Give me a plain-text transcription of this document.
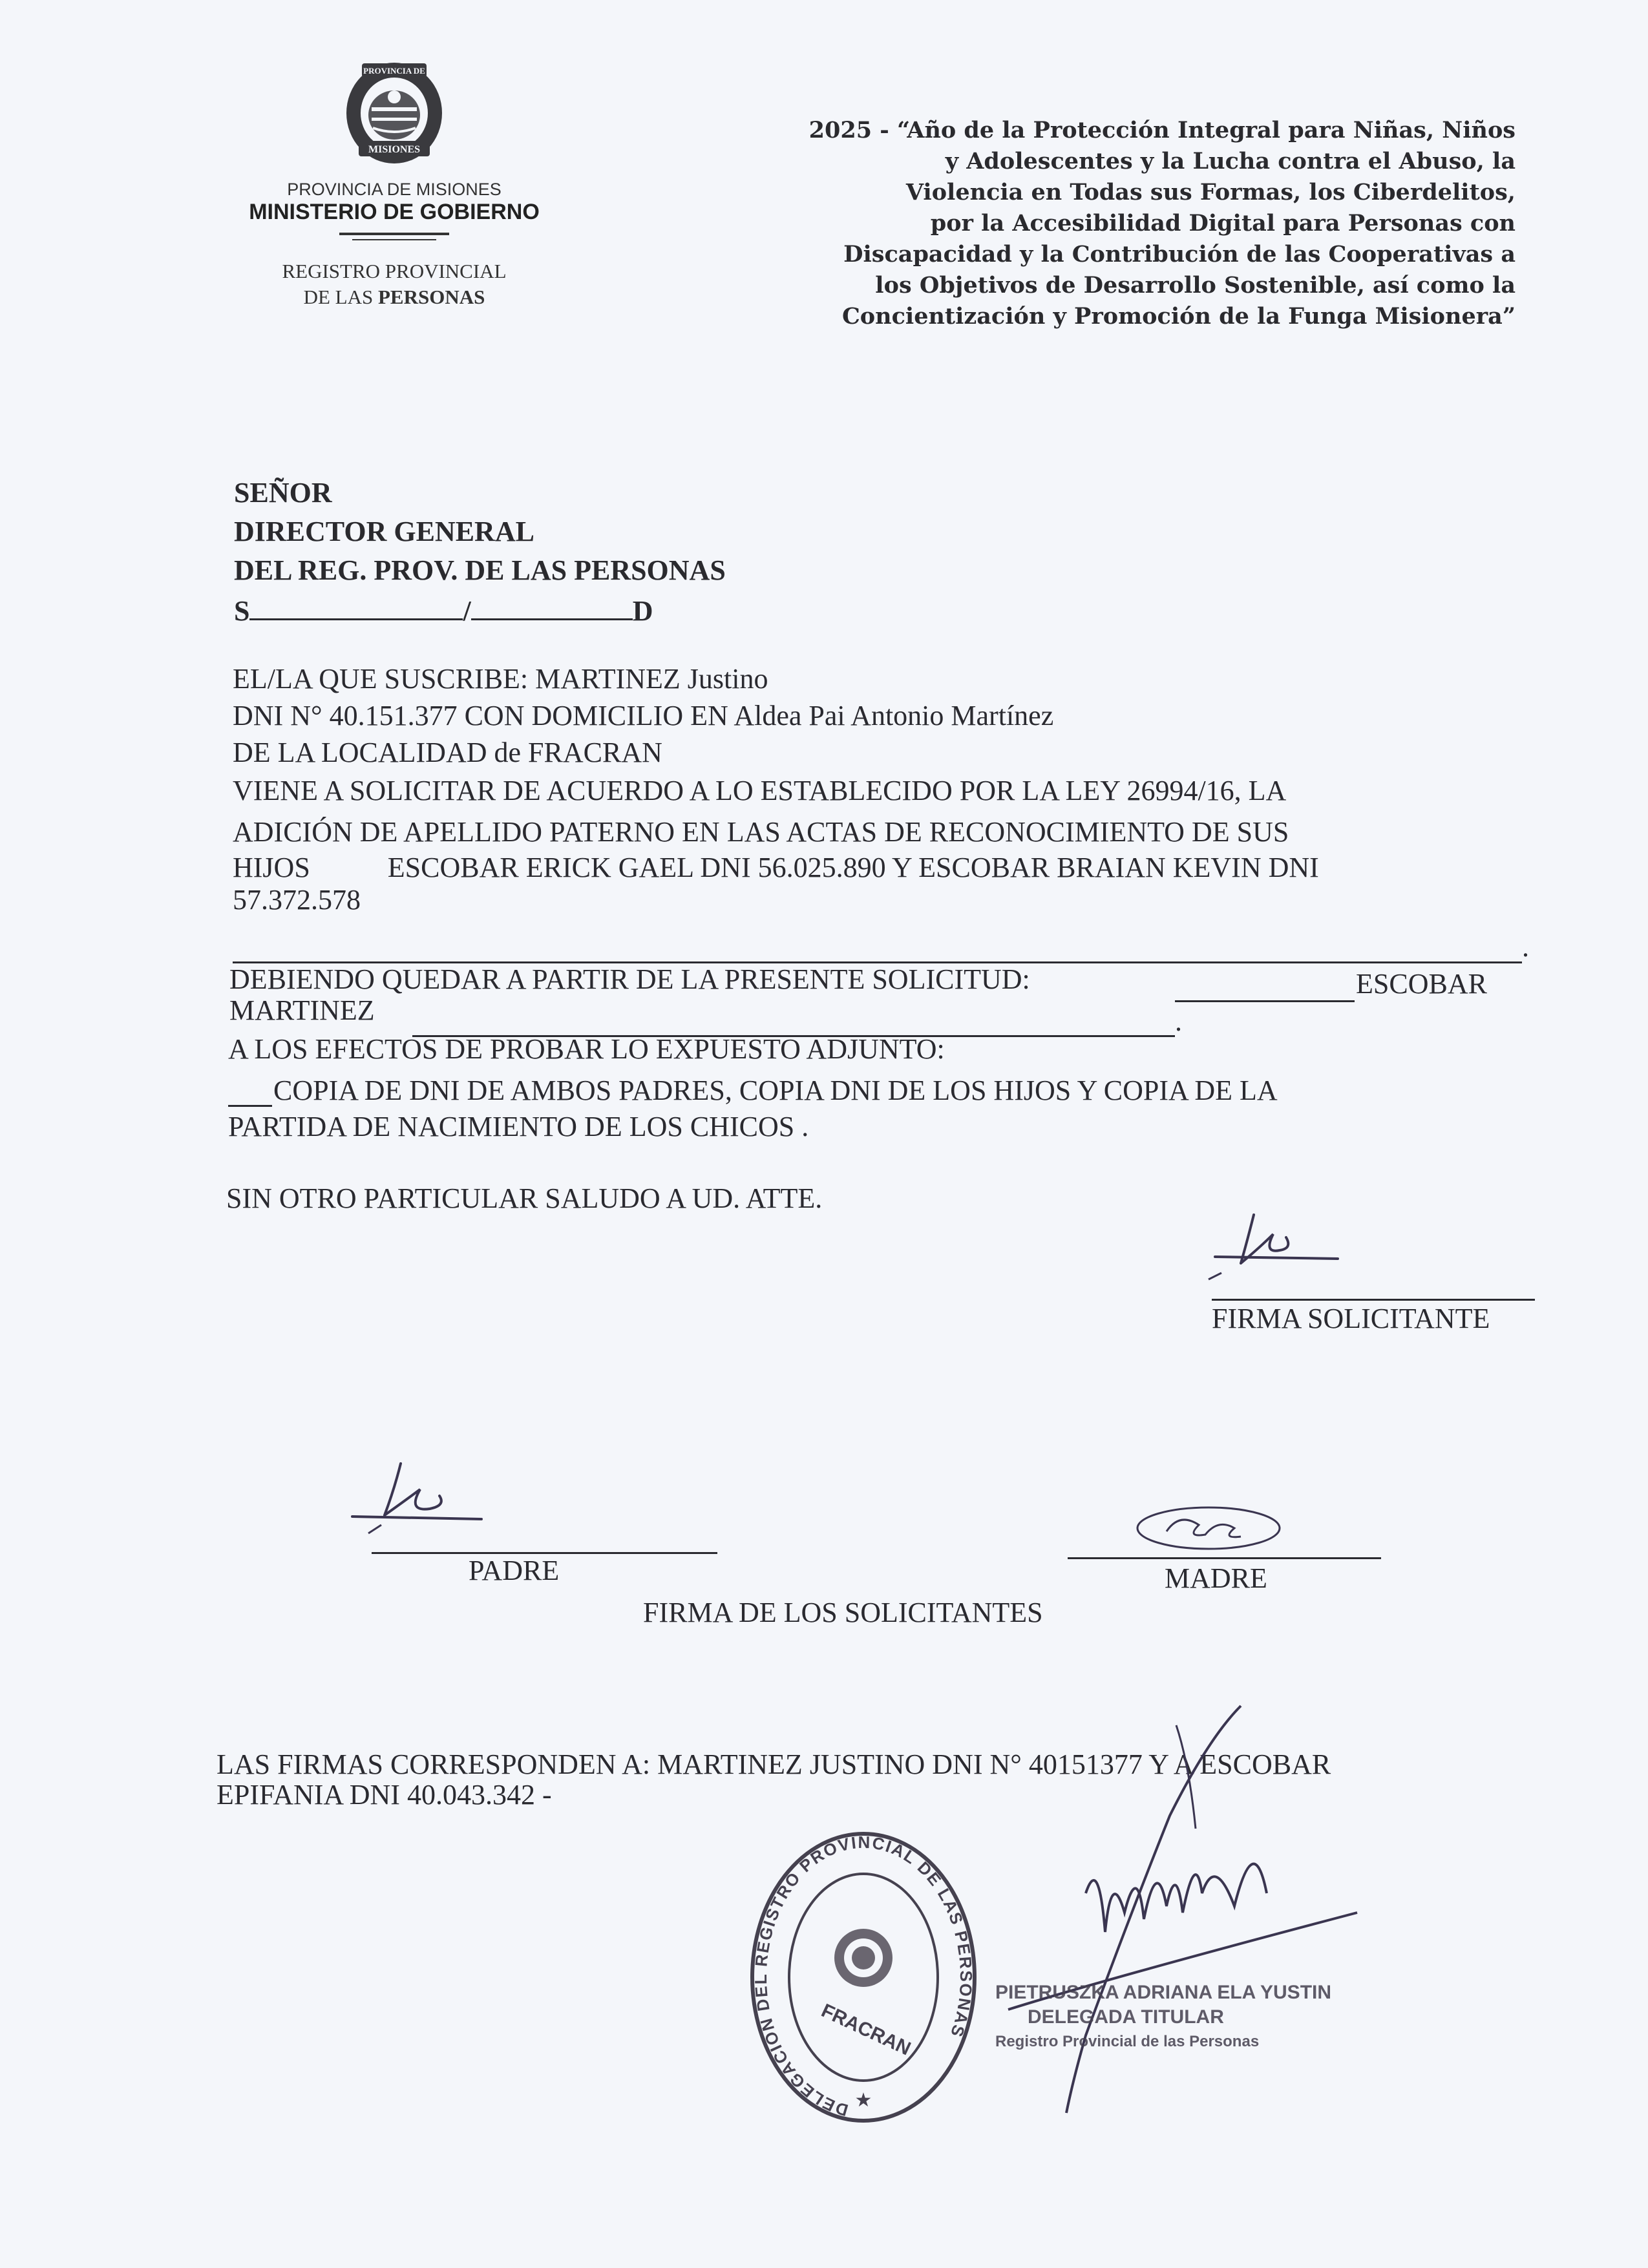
PROVINCIA DE
MISIONES
PROVINCIA DE MISIONES
MINISTERIO DE GOBIERNO
REGISTRO PROVINCIAL
DE LAS PERSONAS
2025 - “Año de la Protección Integral para Niñas, Niños
y Adolescentes y la Lucha contra el Abuso, la
Violencia en Todas sus Formas, los Ciberdelitos,
por la Accesibilidad Digital para Personas con
Discapacidad y la Contribución de las Cooperativas a
los Objetivos de Desarrollo Sostenible, así como la
Concientización y Promoción de la Funga Misionera”
SEÑOR
DIRECTOR GENERAL
DEL REG. PROV. DE LAS PERSONAS
S	/	D
EL/LA QUE SUSCRIBE: MARTINEZ Justino
DNI N° 40.151.377 CON DOMICILIO EN Aldea Pai Antonio Martínez
DE LA LOCALIDAD de FRACRAN
VIENE A SOLICITAR DE ACUERDO A LO ESTABLECIDO POR LA LEY 26994/16, LA
ADICIÓN DE APELLIDO PATERNO EN LAS ACTAS DE RECONOCIMIENTO DE SUS
HIJOS	ESCOBAR ERICK GAEL DNI 56.025.890 Y ESCOBAR BRAIAN KEVIN DNI
57.372.578
.
DEBIENDO QUEDAR A PARTIR DE LA PRESENTE SOLICITUD:	ESCOBAR
MARTINEZ	.
A LOS EFECTOS DE PROBAR LO EXPUESTO ADJUNTO:
COPIA DE DNI DE AMBOS PADRES, COPIA DNI DE LOS HIJOS Y COPIA DE LA
PARTIDA DE NACIMIENTO DE LOS CHICOS .
SIN OTRO PARTICULAR SALUDO A UD. ATTE.
FIRMA SOLICITANTE
PADRE	MADRE
FIRMA DE LOS SOLICITANTES
LAS FIRMAS CORRESPONDEN A: MARTINEZ JUSTINO DNI N° 40151377 Y A ESCOBAR
EPIFANIA DNI 40.043.342 -
DELEGACION DEL REGISTRO PROVINCIAL DE LAS PERSONAS
FRACRAN
★
PIETRUSZKA ADRIANA ELA YUSTIN
DELEGADA TITULAR
Registro Provincial de las Personas
